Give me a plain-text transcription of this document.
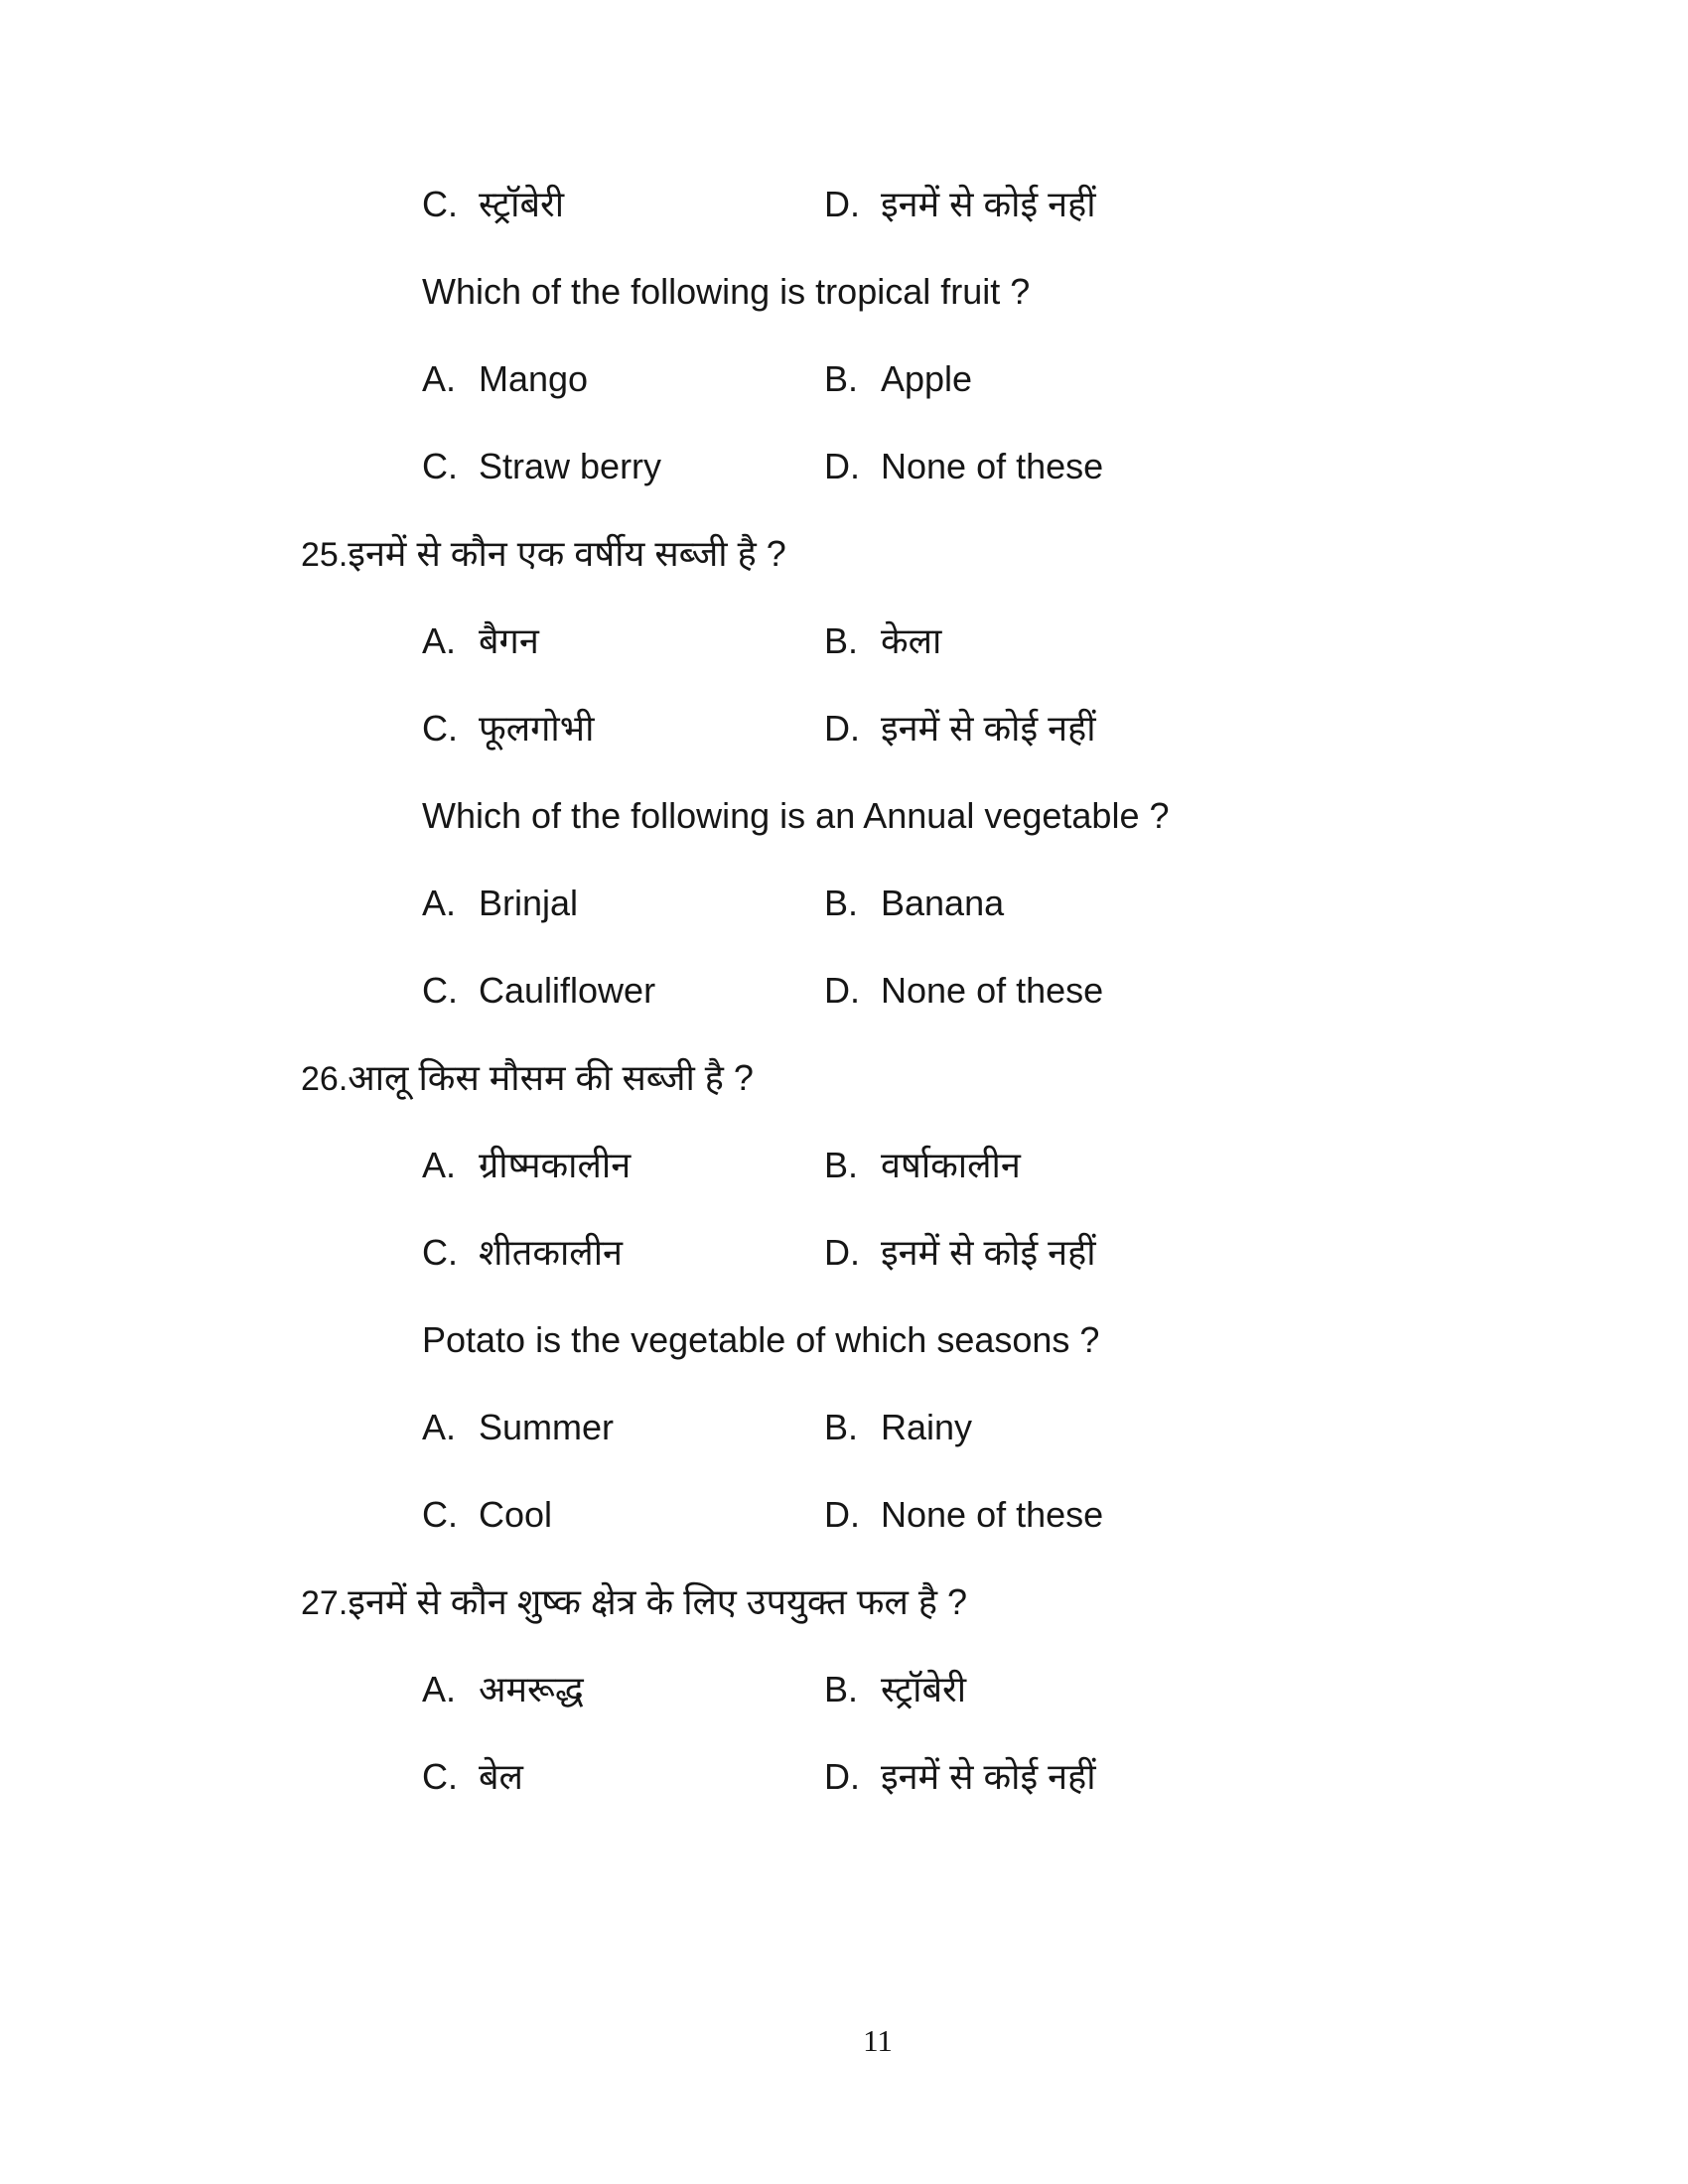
C. स्ट्रॉबेरी	D. इनमें से कोई नहीं
Which of the following is tropical fruit ?
A. Mango	B. Apple
C. Straw berry	D. None of these
25.इनमें से कौन एक वर्षीय सब्जी है ?
A. बैगन	B. केला
C. फूलगोभी	D. इनमें से कोई नहीं
Which of the following is an Annual vegetable ?
A. Brinjal	B. Banana
C. Cauliflower	D. None of these
26.आलू किस मौसम की सब्जी है ?
A. ग्रीष्मकालीन	B. वर्षाकालीन
C. शीतकालीन	D. इनमें से कोई नहीं
Potato is the vegetable of which seasons ?
A. Summer	B. Rainy
C. Cool	D. None of these
27.इनमें से कौन शुष्क क्षेत्र के लिए उपयुक्त फल है ?
A. अमरूद्ध	B. स्ट्रॉबेरी
C. बेल	D. इनमें से कोई नहीं
11
